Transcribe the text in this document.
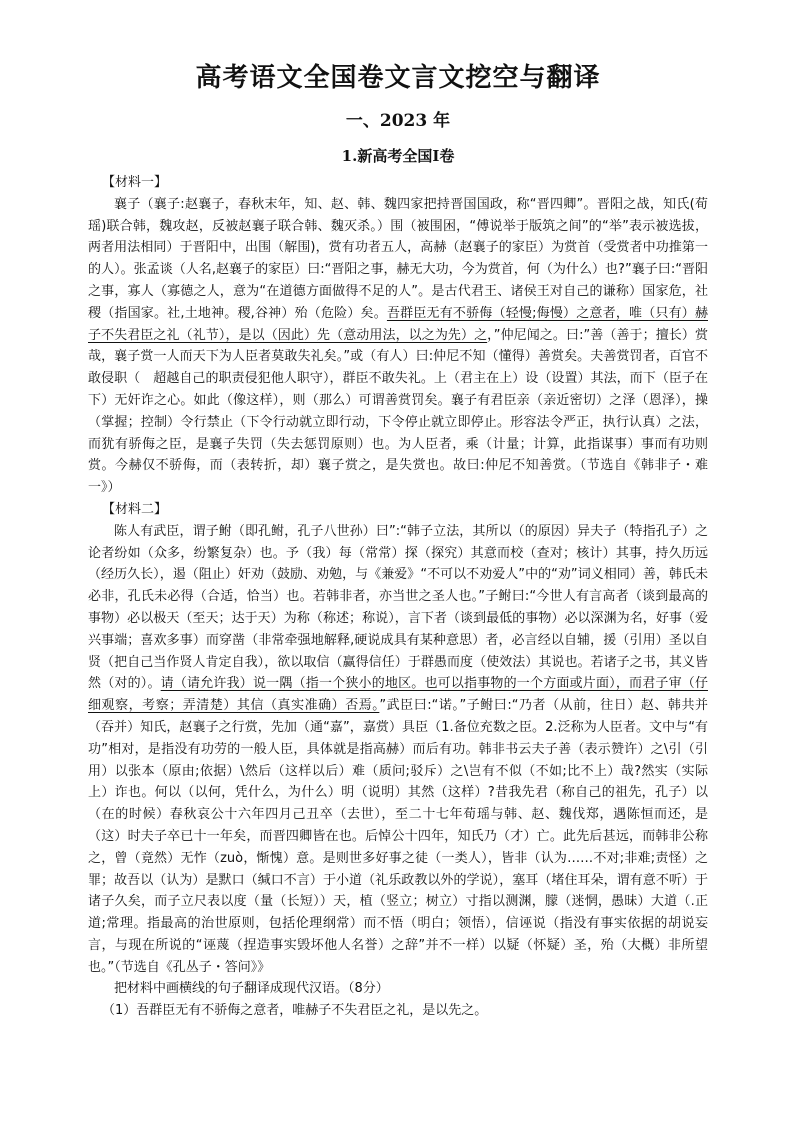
高考语文全国卷文言文挖空与翻译
一、2023 年
1.新高考全国Ⅰ卷

【材料一】

襄子（襄子:赵襄子，春秋末年，知、赵、韩、魏四家把持晋国国政，称“晋四卿”。晋阳之战，知氏(荀瑶)联合韩，魏攻赵，反被赵襄子联合韩、魏灭杀。）围（被围困，“傅说举于版筑之间”的“举”表示被选拔，两者用法相同）于晋阳中，出围（解围)，赏有功者五人，高赫（赵襄子的家臣）为赏首（受赏者中功推第一的人）。张孟谈（人名,赵襄子的家臣）曰:“晋阳之事，赫无大功，今为赏首，何（为什么）也?”襄子曰:“晋阳之事，寡人（寡德之人，意为“在道德方面做得不足的人”。是古代君王、诸侯王对自己的谦称）国家危，社稷（指国家。社,土地神。稷,谷神）殆（危险）矣。吾群臣无有不骄侮（轻慢;侮慢）之意者，唯（只有）赫子不失君臣之礼（礼节），是以（因此）先（意动用法，以之为先）之，”仲尼闻之。曰:”善（善于；擅长）赏哉，襄子赏一人而天下为人臣者莫敢失礼矣。”或（有人）曰:仲尼不知（懂得）善赏矣。夫善赏罚者，百官不敢侵职（　超越自己的职责侵犯他人职守），群臣不敢失礼。上（君主在上）设（设置）其法，而下（臣子在下）无奸诈之心。如此（像这样），则（那么）可谓善赏罚矣。襄子有君臣亲（亲近密切）之泽（恩泽），操（掌握；控制）令行禁止（下令行动就立即行动，下令停止就立即停止。形容法令严正，执行认真）之法，而犹有骄侮之臣，是襄子失罚（失去惩罚原则）也。为人臣者，乘（计量；计算，此指谋事）事而有功则赏。今赫仅不骄侮，而（表转折，却）襄子赏之，是失赏也。故曰:仲尼不知善赏。（节选自《韩非子・难一》）

【材料二】

陈人有武臣，谓子鲋（即孔鲋，孔子八世孙）曰”:“韩子立法，其所以（的原因）异夫子（特指孔子）之论者纷如（众多，纷繁复杂）也。予（我）每（常常）探（探究）其意而校（查对；核计）其事，持久历远（经历久长），遏（阻止）奸劝（鼓励、劝勉，与《兼爱》“不可以不劝爱人”中的“劝”词义相同）善，韩氏未必非，孔氏未必得（合适，恰当）也。若韩非者，亦当世之圣人也。”子鲋曰:“今世人有言高者（谈到最高的事物）必以极天（至天；达于天）为称（称述；称说），言下者（谈到最低的事物）必以深渊为名，好事（爱兴事端；喜欢多事）而穿凿（非常牵强地解释,硬说成具有某种意思）者，必言经以自辅，援（引用）圣以自贤（把自己当作贤人肯定自我），欲以取信（赢得信任）于群愚而度（使效法）其说也。若诸子之书，其义皆然（对的）。请（请允许我）说一隅（指一个狭小的地区。也可以指事物的一个方面或片面），而君子审（仔细观察，考察；弄清楚）其信（真实准确）否焉。”武臣曰:“诺。”子鲋曰:“乃者（从前，往日）赵、韩共并（吞并）知氏，赵襄子之行赏，先加（通“嘉”，嘉赏）具臣（1.备位充数之臣。2.泛称为人臣者。文中与“有功”相对，是指没有功劳的一般人臣，具体就是指高赫）而后有功。韩非书云夫子善（表示赞许）之\引（引用）以张本（原由;依据）\然后（这样以后）难（质问;驳斥）之\岂有不似（不如;比不上）哉?然实（实际上）诈也。何以（以何，凭什么，为什么）明（说明）其然（这样）?昔我先君（称自己的祖先，孔子）以（在的时候）春秋哀公十六年四月己丑卒（去世），至二十七年荀瑶与韩、赵、魏伐郑，遇陈恒而还，是（这）时夫子卒已十一年矣，而晋四卿皆在也。后悼公十四年，知氏乃（才）亡。此先后甚远，而韩非公称之，曾（竟然）无怍（zuò，惭愧）意。是则世多好事之徒（一类人），皆非（认为……不对;非难;责怪）之罪；故吾以（认为）是默口（缄口不言）于小道（礼乐政教以外的学说），塞耳（堵住耳朵，谓有意不听）于诸子久矣，而子立尺表以度（量（长短））天，植（竖立；树立）寸指以测渊，朦（迷惘，愚昧）大道（.正道;常理。指最高的治世原则，包括伦理纲常）而不悟（明白；领悟），信诬说（指没有事实依据的胡说妄言，与现在所说的“诬蔑（捏造事实毁坏他人名誉）之辞”并不一样）以疑（怀疑）圣，殆（大概）非所望也。”（节选自《孔丛子・答问》》

把材料中画横线的句子翻译成现代汉语。（8分）

（1）吾群臣无有不骄侮之意者，唯赫子不失君臣之礼，是以先之。
